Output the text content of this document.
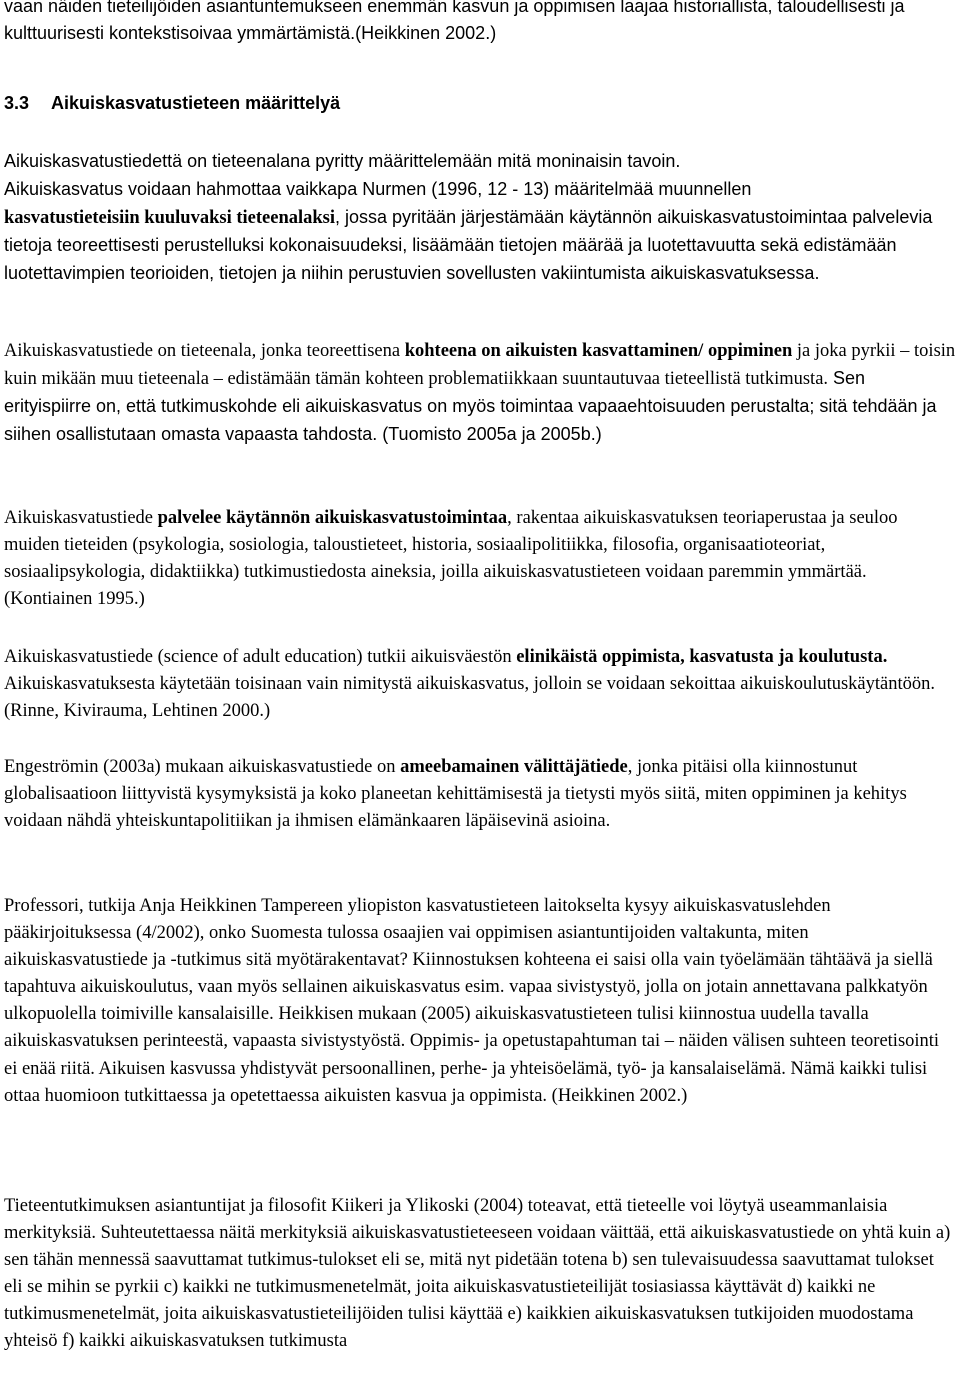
vaan näiden tieteilijöiden asiantuntemukseen enemmän kasvun ja oppimisen laajaa historiallista, taloudellisesti ja kulttuurisesti kontekstisoivaa ymmärtämistä.(Heikkinen 2002.)

3.3 Aikuiskasvatustieteen määrittelyä

Aikuiskasvatustiedettä on tieteenalana pyritty määrittelemään mitä moninaisin tavoin.
Aikuiskasvatus voidaan hahmottaa vaikkapa Nurmen (1996, 12 - 13) määritelmää muunnellen
kasvatustieteisiin kuuluvaksi tieteenalaksi, jossa pyritään järjestämään käytännön aikuiskasvatustoimintaa palvelevia tietoja teoreettisesti perustelluksi kokonaisuudeksi, lisäämään tietojen määrää ja luotettavuutta sekä edistämään luotettavimpien teorioiden, tietojen ja niihin perustuvien sovellusten vakiintumista aikuiskasvatuksessa.

Aikuiskasvatustiede on tieteenala, jonka teoreettisena kohteena on aikuisten kasvattaminen/ oppiminen ja joka pyrkii – toisin kuin mikään muu tieteenala – edistämään tämän kohteen problematiikkaan suuntautuvaa tieteellistä tutkimusta. Sen erityispiirre on, että tutkimuskohde eli aikuiskasvatus on myös toimintaa vapaaehtoisuuden perustalta; sitä tehdään ja siihen osallistutaan omasta vapaasta tahdosta. (Tuomisto 2005a ja 2005b.)

Aikuiskasvatustiede palvelee käytännön aikuiskasvatustoimintaa, rakentaa aikuiskasvatuksen teoriaperustaa ja seuloo muiden tieteiden (psykologia, sosiologia, taloustieteet, historia, sosiaalipolitiikka, filosofia, organisaatioteoriat, sosiaalipsykologia, didaktiikka) tutkimustiedosta aineksia, joilla aikuiskasvatustieteen voidaan paremmin ymmärtää. (Kontiainen 1995.)

Aikuiskasvatustiede (science of adult education) tutkii aikuisväestön elinikäistä oppimista, kasvatusta ja koulutusta. Aikuiskasvatuksesta käytetään toisinaan vain nimitystä aikuiskasvatus, jolloin se voidaan sekoittaa aikuiskoulutuskäytäntöön. (Rinne, Kivirauma, Lehtinen 2000.)

Engeströmin (2003a) mukaan aikuiskasvatustiede on ameebamainen välittäjätiede, jonka pitäisi olla kiinnostunut globalisaatioon liittyvistä kysymyksistä ja koko planeetan kehittämisestä ja tietysti myös siitä, miten oppiminen ja kehitys voidaan nähdä yhteiskuntapolitiikan ja ihmisen elämänkaaren läpäisevinä asioina.

Professori, tutkija Anja Heikkinen Tampereen yliopiston kasvatustieteen laitokselta kysyy aikuiskasvatuslehden pääkirjoituksessa (4/2002), onko Suomesta tulossa osaajien vai oppimisen asiantuntijoiden valtakunta, miten aikuiskasvatustiede ja -tutkimus sitä myötärakentavat? Kiinnostuksen kohteena ei saisi olla vain työelämään tähtäävä ja siellä tapahtuva aikuiskoulutus, vaan myös sellainen aikuiskasvatus esim. vapaa sivistystyö, jolla on jotain annettavana palkkatyön ulkopuolella toimiville kansalaisille. Heikkisen mukaan (2005) aikuiskasvatustieteen tulisi kiinnostua uudella tavalla aikuiskasvatuksen perinteestä, vapaasta sivistystyöstä. Oppimis- ja opetustapahtuman tai – näiden välisen suhteen teoretisointi ei enää riitä. Aikuisen kasvussa yhdistyvät persoonallinen, perhe- ja yhteisöelämä, työ- ja kansalaiselämä. Nämä kaikki tulisi ottaa huomioon tutkittaessa ja opetettaessa aikuisten kasvua ja oppimista. (Heikkinen 2002.)

Tieteentutkimuksen asiantuntijat ja filosofit Kiikeri ja Ylikoski (2004) toteavat, että tieteelle voi löytyä useammanlaisia merkityksiä. Suhteutettaessa näitä merkityksiä aikuiskasvatustieteeseen voidaan väittää, että aikuiskasvatustiede on yhtä kuin a) sen tähän mennessä saavuttamat tutkimus-tulokset eli se, mitä nyt pidetään totena b) sen tulevaisuudessa saavuttamat tulokset eli se mihin se pyrkii c) kaikki ne tutkimusmenetelmät, joita aikuiskasvatustieteilijät tosiasiassa käyttävät d) kaikki ne tutkimusmenetelmät, joita aikuiskasvatustieteilijöiden tulisi käyttää e) kaikkien aikuiskasvatuksen tutkijoiden muodostama yhteisö f) kaikki aikuiskasvatuksen tutkimusta
